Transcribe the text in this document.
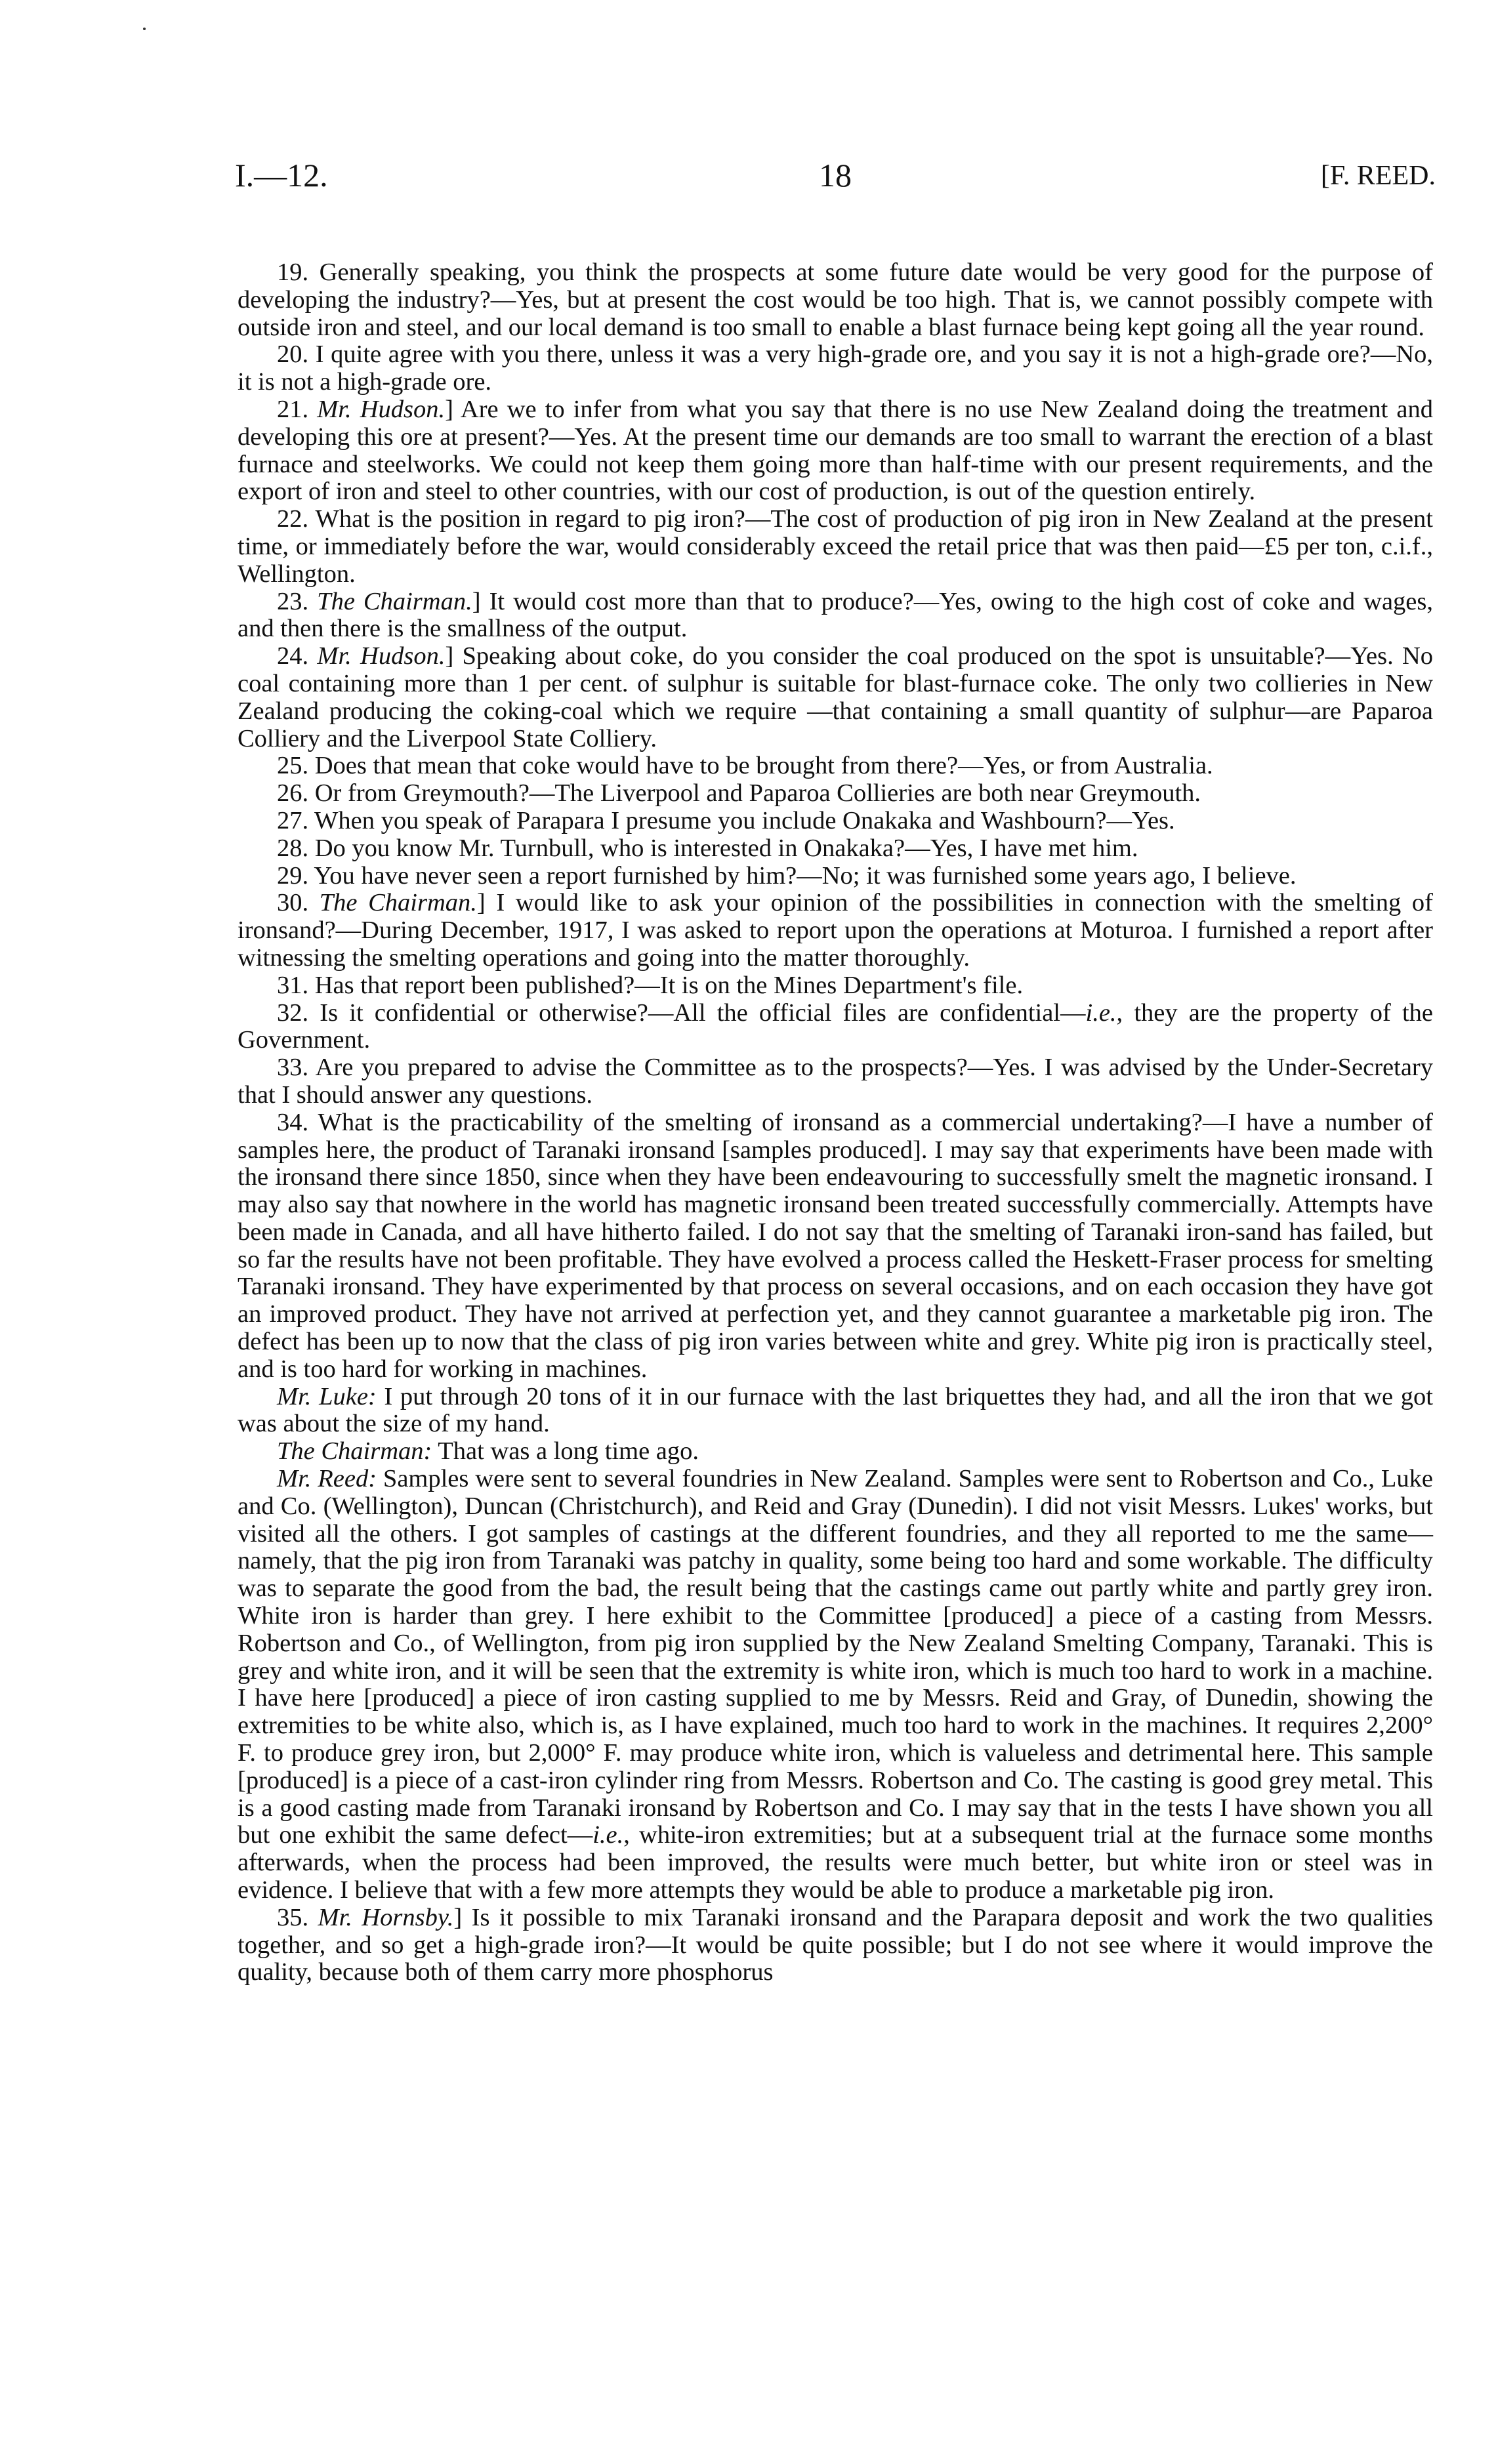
I.—12.	18	[F. REED.

19. Generally speaking, you think the prospects at some future date would be very good for the purpose of developing the industry?—Yes, but at present the cost would be too high. That is, we cannot possibly compete with outside iron and steel, and our local demand is too small to enable a blast furnace being kept going all the year round.

20. I quite agree with you there, unless it was a very high-grade ore, and you say it is not a high-grade ore?—No, it is not a high-grade ore.

21. Mr. Hudson.] Are we to infer from what you say that there is no use New Zealand doing the treatment and developing this ore at present?—Yes. At the present time our demands are too small to warrant the erection of a blast furnace and steelworks. We could not keep them going more than half-time with our present requirements, and the export of iron and steel to other countries, with our cost of production, is out of the question entirely.

22. What is the position in regard to pig iron?—The cost of production of pig iron in New Zealand at the present time, or immediately before the war, would considerably exceed the retail price that was then paid—£5 per ton, c.i.f., Wellington.

23. The Chairman.] It would cost more than that to produce?—Yes, owing to the high cost of coke and wages, and then there is the smallness of the output.

24. Mr. Hudson.] Speaking about coke, do you consider the coal produced on the spot is unsuitable?—Yes. No coal containing more than 1 per cent. of sulphur is suitable for blast-furnace coke. The only two collieries in New Zealand producing the coking-coal which we require —that containing a small quantity of sulphur—are Paparoa Colliery and the Liverpool State Colliery.

25. Does that mean that coke would have to be brought from there?—Yes, or from Australia.

26. Or from Greymouth?—The Liverpool and Paparoa Collieries are both near Greymouth.

27. When you speak of Parapara I presume you include Onakaka and Washbourn?—Yes.

28. Do you know Mr. Turnbull, who is interested in Onakaka?—Yes, I have met him.

29. You have never seen a report furnished by him?—No; it was furnished some years ago, I believe.

30. The Chairman.] I would like to ask your opinion of the possibilities in connection with the smelting of ironsand?—During December, 1917, I was asked to report upon the operations at Moturoa. I furnished a report after witnessing the smelting operations and going into the matter thoroughly.

31. Has that report been published?—It is on the Mines Department's file.

32. Is it confidential or otherwise?—All the official files are confidential—i.e., they are the property of the Government.

33. Are you prepared to advise the Committee as to the prospects?—Yes. I was advised by the Under-Secretary that I should answer any questions.

34. What is the practicability of the smelting of ironsand as a commercial undertaking?—I have a number of samples here, the product of Taranaki ironsand [samples produced]. I may say that experiments have been made with the ironsand there since 1850, since when they have been endeavouring to successfully smelt the magnetic ironsand. I may also say that nowhere in the world has magnetic ironsand been treated successfully commercially. Attempts have been made in Canada, and all have hitherto failed. I do not say that the smelting of Taranaki iron-sand has failed, but so far the results have not been profitable. They have evolved a process called the Heskett-Fraser process for smelting Taranaki ironsand. They have experimented by that process on several occasions, and on each occasion they have got an improved product. They have not arrived at perfection yet, and they cannot guarantee a marketable pig iron. The defect has been up to now that the class of pig iron varies between white and grey. White pig iron is practically steel, and is too hard for working in machines.

Mr. Luke: I put through 20 tons of it in our furnace with the last briquettes they had, and all the iron that we got was about the size of my hand.

The Chairman: That was a long time ago.

Mr. Reed: Samples were sent to several foundries in New Zealand. Samples were sent to Robertson and Co., Luke and Co. (Wellington), Duncan (Christchurch), and Reid and Gray (Dunedin). I did not visit Messrs. Lukes' works, but visited all the others. I got samples of castings at the different foundries, and they all reported to me the same—namely, that the pig iron from Taranaki was patchy in quality, some being too hard and some workable. The difficulty was to separate the good from the bad, the result being that the castings came out partly white and partly grey iron. White iron is harder than grey. I here exhibit to the Committee [produced] a piece of a casting from Messrs. Robertson and Co., of Wellington, from pig iron supplied by the New Zealand Smelting Company, Taranaki. This is grey and white iron, and it will be seen that the extremity is white iron, which is much too hard to work in a machine. I have here [produced] a piece of iron casting supplied to me by Messrs. Reid and Gray, of Dunedin, showing the extremities to be white also, which is, as I have explained, much too hard to work in the machines. It requires 2,200° F. to produce grey iron, but 2,000° F. may produce white iron, which is valueless and detrimental here. This sample [produced] is a piece of a cast-iron cylinder ring from Messrs. Robertson and Co. The casting is good grey metal. This is a good casting made from Taranaki ironsand by Robertson and Co. I may say that in the tests I have shown you all but one exhibit the same defect—i.e., white-iron extremities; but at a subsequent trial at the furnace some months afterwards, when the process had been improved, the results were much better, but white iron or steel was in evidence. I believe that with a few more attempts they would be able to produce a marketable pig iron.

35. Mr. Hornsby.] Is it possible to mix Taranaki ironsand and the Parapara deposit and work the two qualities together, and so get a high-grade iron?—It would be quite possible; but I do not see where it would improve the quality, because both of them carry more phosphorus
